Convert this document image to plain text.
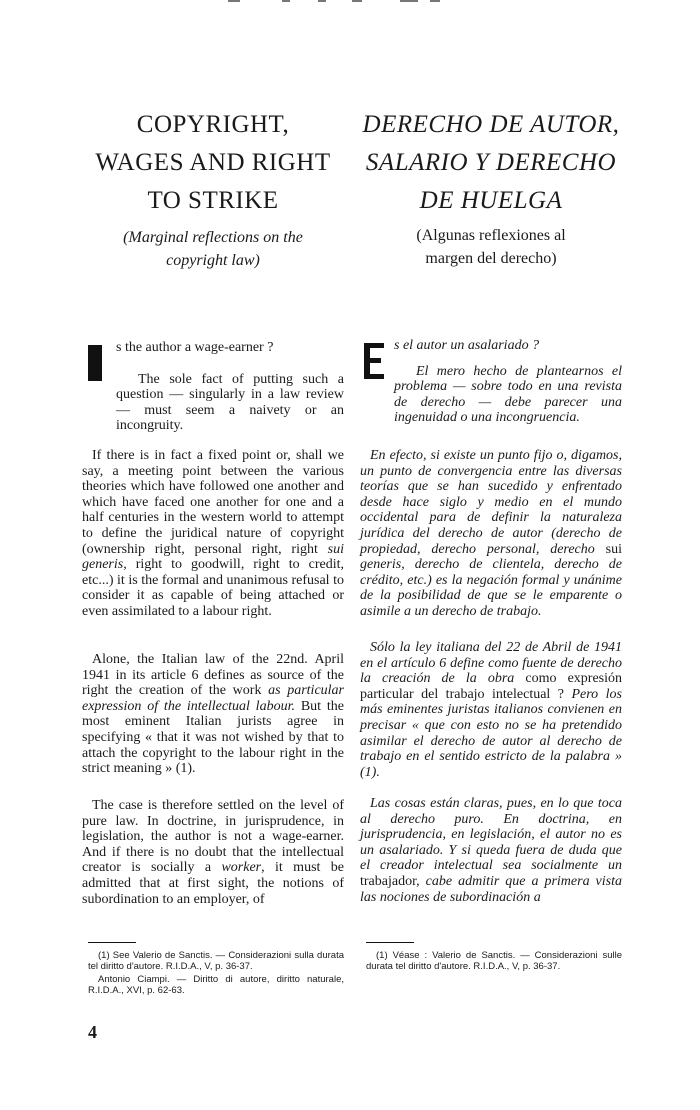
COPYRIGHT,
WAGES AND RIGHT
TO STRIKE
(Marginal reflections on the
copyright law)

s the author a wage-earner ?

The sole fact of putting such a question — singularly in a law review — must seem a naivety or an incongruity.

If there is in fact a fixed point or, shall we say, a meeting point between the various theories which have followed one another and which have faced one another for one and a half centuries in the western world to attempt to define the juridical nature of copyright (ownership right, personal right, right sui generis, right to goodwill, right to credit, etc...) it is the formal and unanimous refusal to consider it as capable of being attached or even assimilated to a labour right.

Alone, the Italian law of the 22nd. April 1941 in its article 6 defines as source of the right the creation of the work as particular expression of the intellectual labour. But the most eminent Italian jurists agree in specifying « that it was not wished by that to attach the copyright to the labour right in the strict meaning » (1).

The case is therefore settled on the level of pure law. In doctrine, in jurisprudence, in legislation, the author is not a wage-earner. And if there is no doubt that the intellectual creator is socially a worker, it must be admitted that at first sight, the notions of subordination to an employer, of

(1) See Valerio de Sanctis. — Considerazioni sulla durata tel diritto d'autore. R.I.D.A., V, p. 36-37.

Antonio Ciampi. — Diritto di autore, diritto naturale, R.I.D.A., XVI, p. 62-63.

4
DERECHO DE AUTOR,
SALARIO Y DERECHO
DE HUELGA
(Algunas reflexiones al
margen del derecho)

s el autor un asalariado ?

El mero hecho de plantearnos el problema — sobre todo en una revista de derecho — debe parecer una ingenuidad o una incongruencia.

En efecto, si existe un punto fijo o, digamos, un punto de convergencia entre las diversas teorías que se han sucedido y enfrentado desde hace siglo y medio en el mundo occidental para de definir la naturaleza jurídica del derecho de autor (derecho de propiedad, derecho personal, derecho sui generis, derecho de clientela, derecho de crédito, etc.) es la negación formal y unánime de la posibilidad de que se le emparente o asimile a un derecho de trabajo.

Sólo la ley italiana del 22 de Abril de 1941 en el artículo 6 define como fuente de derecho la creación de la obra como expresión particular del trabajo intelectual ? Pero los más eminentes juristas italianos convienen en precisar « que con esto no se ha pretendido asimilar el derecho de autor al derecho de trabajo en el sentido estricto de la palabra » (1).

Las cosas están claras, pues, en lo que toca al derecho puro. En doctrina, en jurisprudencia, en legislación, el autor no es un asalariado. Y si queda fuera de duda que el creador intelectual sea socialmente un trabajador, cabe admitir que a primera vista las nociones de subordinación a

(1) Véase : Valerio de Sanctis. — Considerazioni sulle durata tel diritto d'autore. R.I.D.A., V, p. 36-37.
